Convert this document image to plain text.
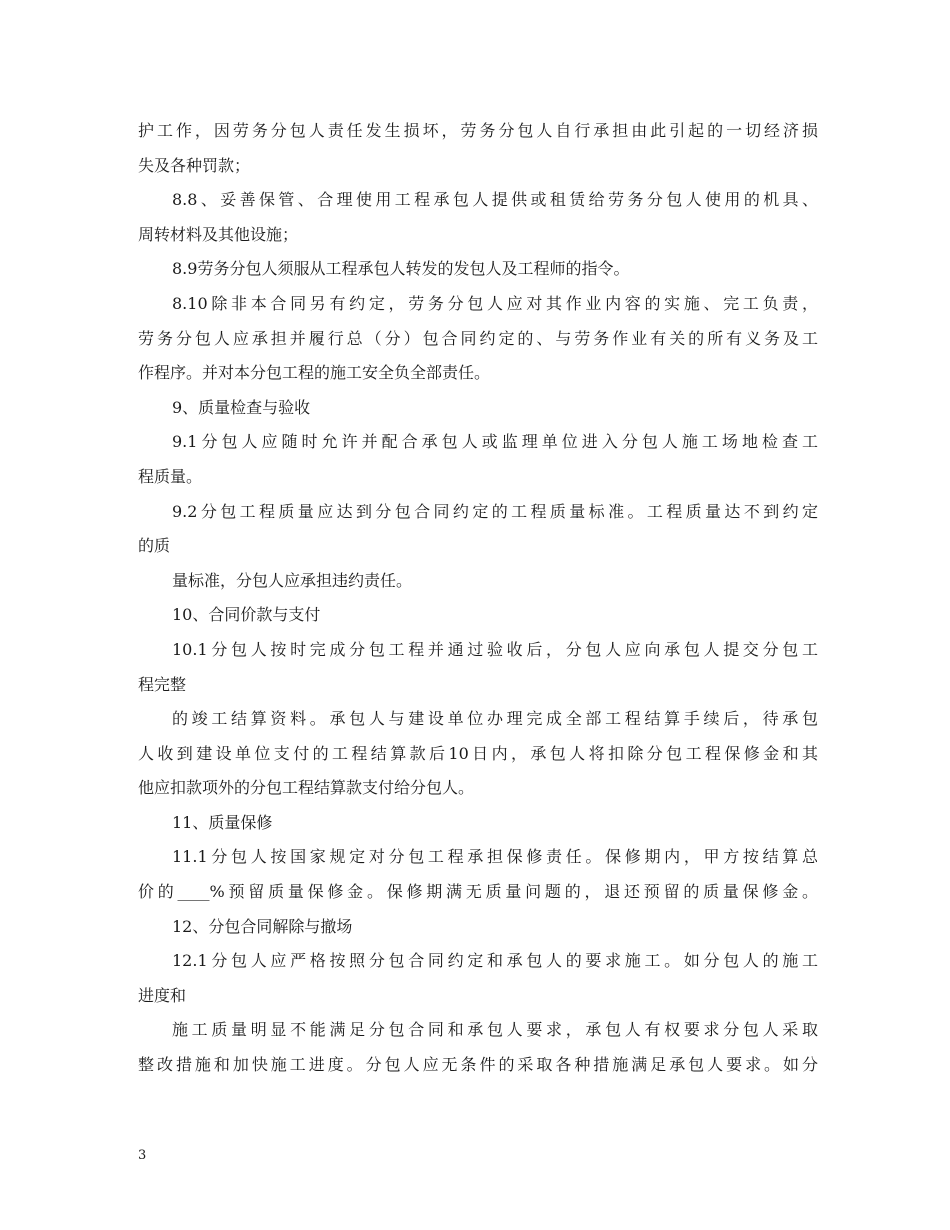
护工作，因劳务分包人责任发生损坏，劳务分包人自行承担由此引起的一切经济损
失及各种罚款；
8.8、妥善保管、合理使用工程承包人提供或租赁给劳务分包人使用的机具、
周转材料及其他设施；
8.9劳务分包人须服从工程承包人转发的发包人及工程师的指令。
8.10除非本合同另有约定，劳务分包人应对其作业内容的实施、完工负责，
劳务分包人应承担并履行总（分）包合同约定的、与劳务作业有关的所有义务及工
作程序。并对本分包工程的施工安全负全部责任。
9、质量检查与验收
9.1分包人应随时允许并配合承包人或监理单位进入分包人施工场地检查工
程质量。
9.2分包工程质量应达到分包合同约定的工程质量标准。工程质量达不到约定
的质
量标准，分包人应承担违约责任。
10、合同价款与支付
10.1分包人按时完成分包工程并通过验收后，分包人应向承包人提交分包工
程完整
的竣工结算资料。承包人与建设单位办理完成全部工程结算手续后，待承包
人收到建设单位支付的工程结算款后10日内，承包人将扣除分包工程保修金和其
他应扣款项外的分包工程结算款支付给分包人。
11、质量保修
11.1分包人按国家规定对分包工程承担保修责任。保修期内，甲方按结算总
价的____%预留质量保修金。保修期满无质量问题的，退还预留的质量保修金。
12、分包合同解除与撤场
12.1分包人应严格按照分包合同约定和承包人的要求施工。如分包人的施工
进度和
施工质量明显不能满足分包合同和承包人要求，承包人有权要求分包人采取
整改措施和加快施工进度。分包人应无条件的采取各种措施满足承包人要求。如分
3
